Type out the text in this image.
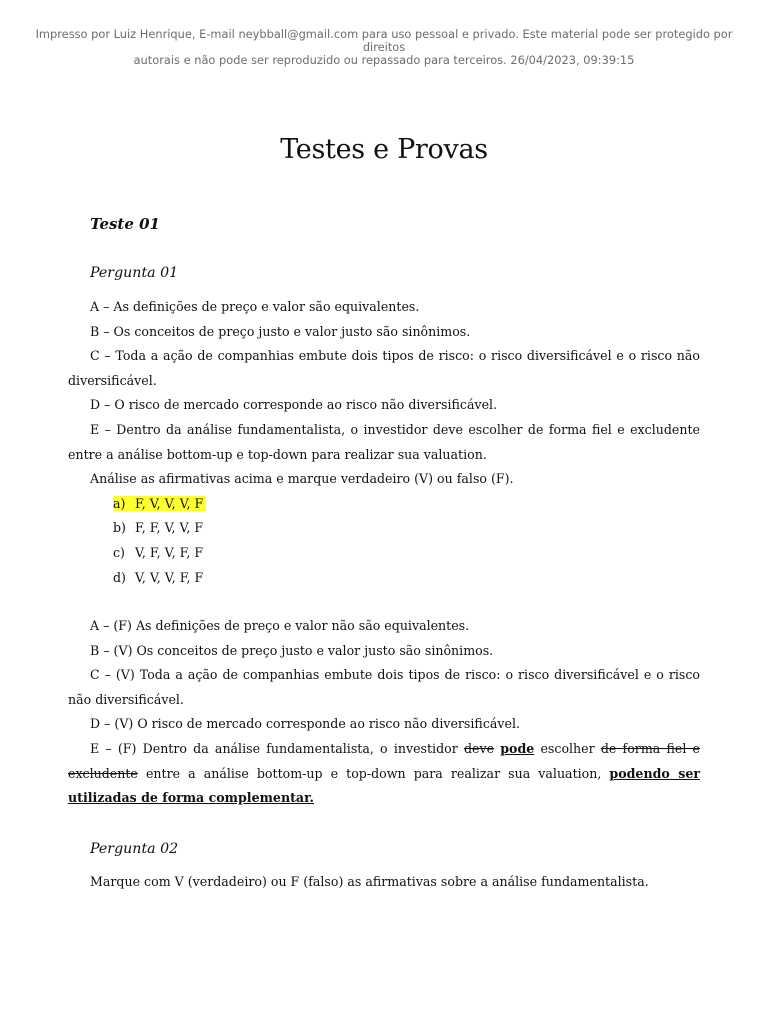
Impresso por Luiz Henrique, E-mail neybball@gmail.com para uso pessoal e privado. Este material pode ser protegido por direitos
autorais e não pode ser reproduzido ou repassado para terceiros. 26/04/2023, 09:39:15
Testes e Provas

Teste 01

Pergunta 01

A – As definições de preço e valor são equivalentes.

B – Os conceitos de preço justo e valor justo são sinônimos.

C – Toda a ação de companhias embute dois tipos de risco: o risco diversificável e o risco não diversificável.

D – O risco de mercado corresponde ao risco não diversificável.

E – Dentro da análise fundamentalista, o investidor deve escolher de forma fiel e excludente entre a análise bottom-up e top-down para realizar sua valuation.

Análise as afirmativas acima e marque verdadeiro (V) ou falso (F).

a) F, V, V, V, F

b) F, F, V, V, F

c) V, F, V, F, F

d) V, V, V, F, F

A – (F) As definições de preço e valor não são equivalentes.

B – (V) Os conceitos de preço justo e valor justo são sinônimos.

C – (V) Toda a ação de companhias embute dois tipos de risco: o risco diversificável e o risco não diversificável.

D – (V) O risco de mercado corresponde ao risco não diversificável.

E – (F) Dentro da análise fundamentalista, o investidor deve pode escolher de forma fiel e excludente entre a análise bottom-up e top-down para realizar sua valuation, podendo ser utilizadas de forma complementar.

Pergunta 02

Marque com V (verdadeiro) ou F (falso) as afirmativas sobre a análise fundamentalista.
